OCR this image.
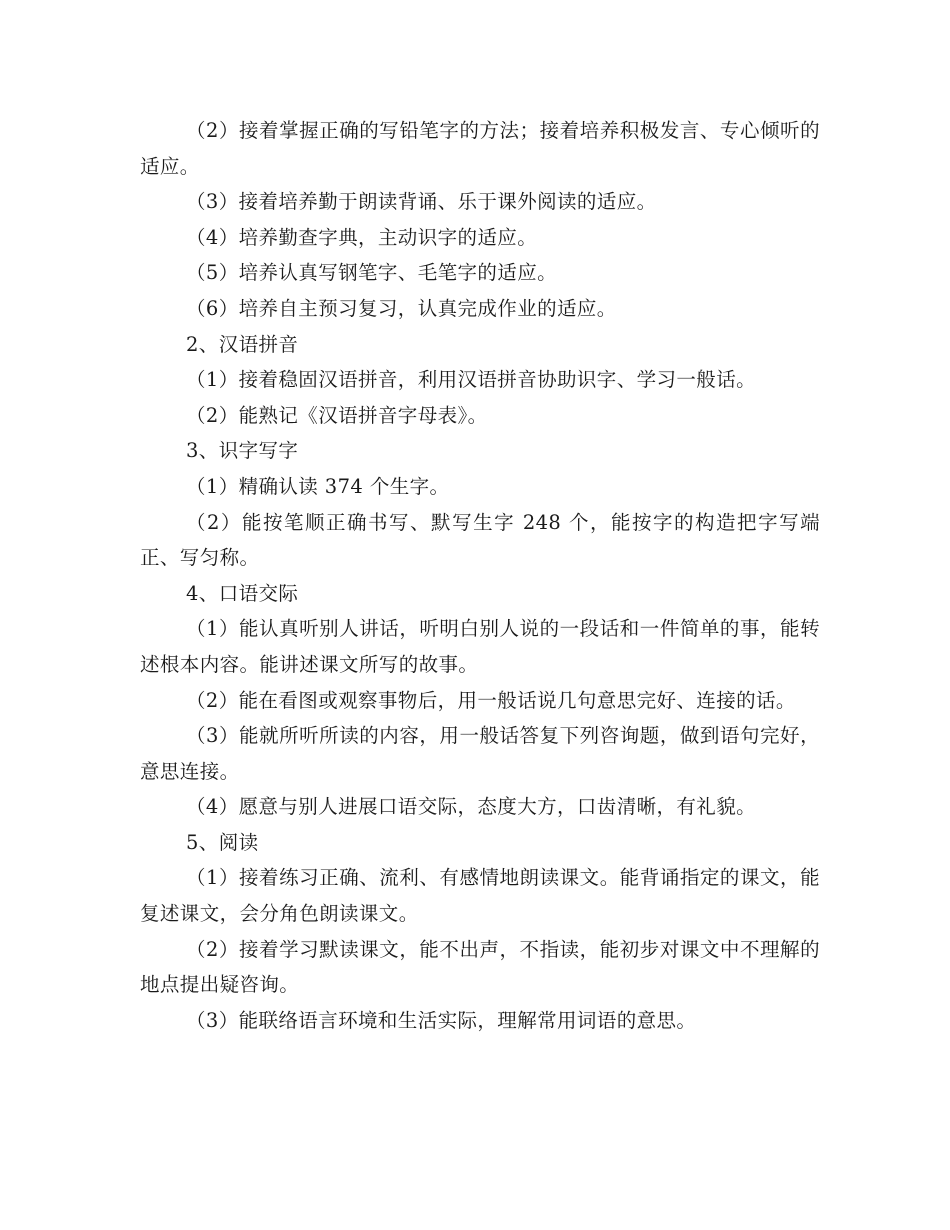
（2）接着掌握正确的写铅笔字的方法；接着培养积极发言、专心倾听的适应。

（3）接着培养勤于朗读背诵、乐于课外阅读的适应。

（4）培养勤查字典，主动识字的适应。

（5）培养认真写钢笔字、毛笔字的适应。

（6）培养自主预习复习，认真完成作业的适应。

2、汉语拼音

（1）接着稳固汉语拼音，利用汉语拼音协助识字、学习一般话。

（2）能熟记《汉语拼音字母表》。

3、识字写字

（1）精确认读 374 个生字。

（2）能按笔顺正确书写、默写生字 248 个，能按字的构造把字写端正、写匀称。

4、口语交际

（1）能认真听别人讲话，听明白别人说的一段话和一件简单的事，能转述根本内容。能讲述课文所写的故事。

（2）能在看图或观察事物后，用一般话说几句意思完好、连接的话。

（3）能就所听所读的内容，用一般话答复下列咨询题，做到语句完好，意思连接。

（4）愿意与别人进展口语交际，态度大方，口齿清晰，有礼貌。

5、阅读

（1）接着练习正确、流利、有感情地朗读课文。能背诵指定的课文，能复述课文，会分角色朗读课文。

（2）接着学习默读课文，能不出声，不指读，能初步对课文中不理解的地点提出疑咨询。

（3）能联络语言环境和生活实际，理解常用词语的意思。
